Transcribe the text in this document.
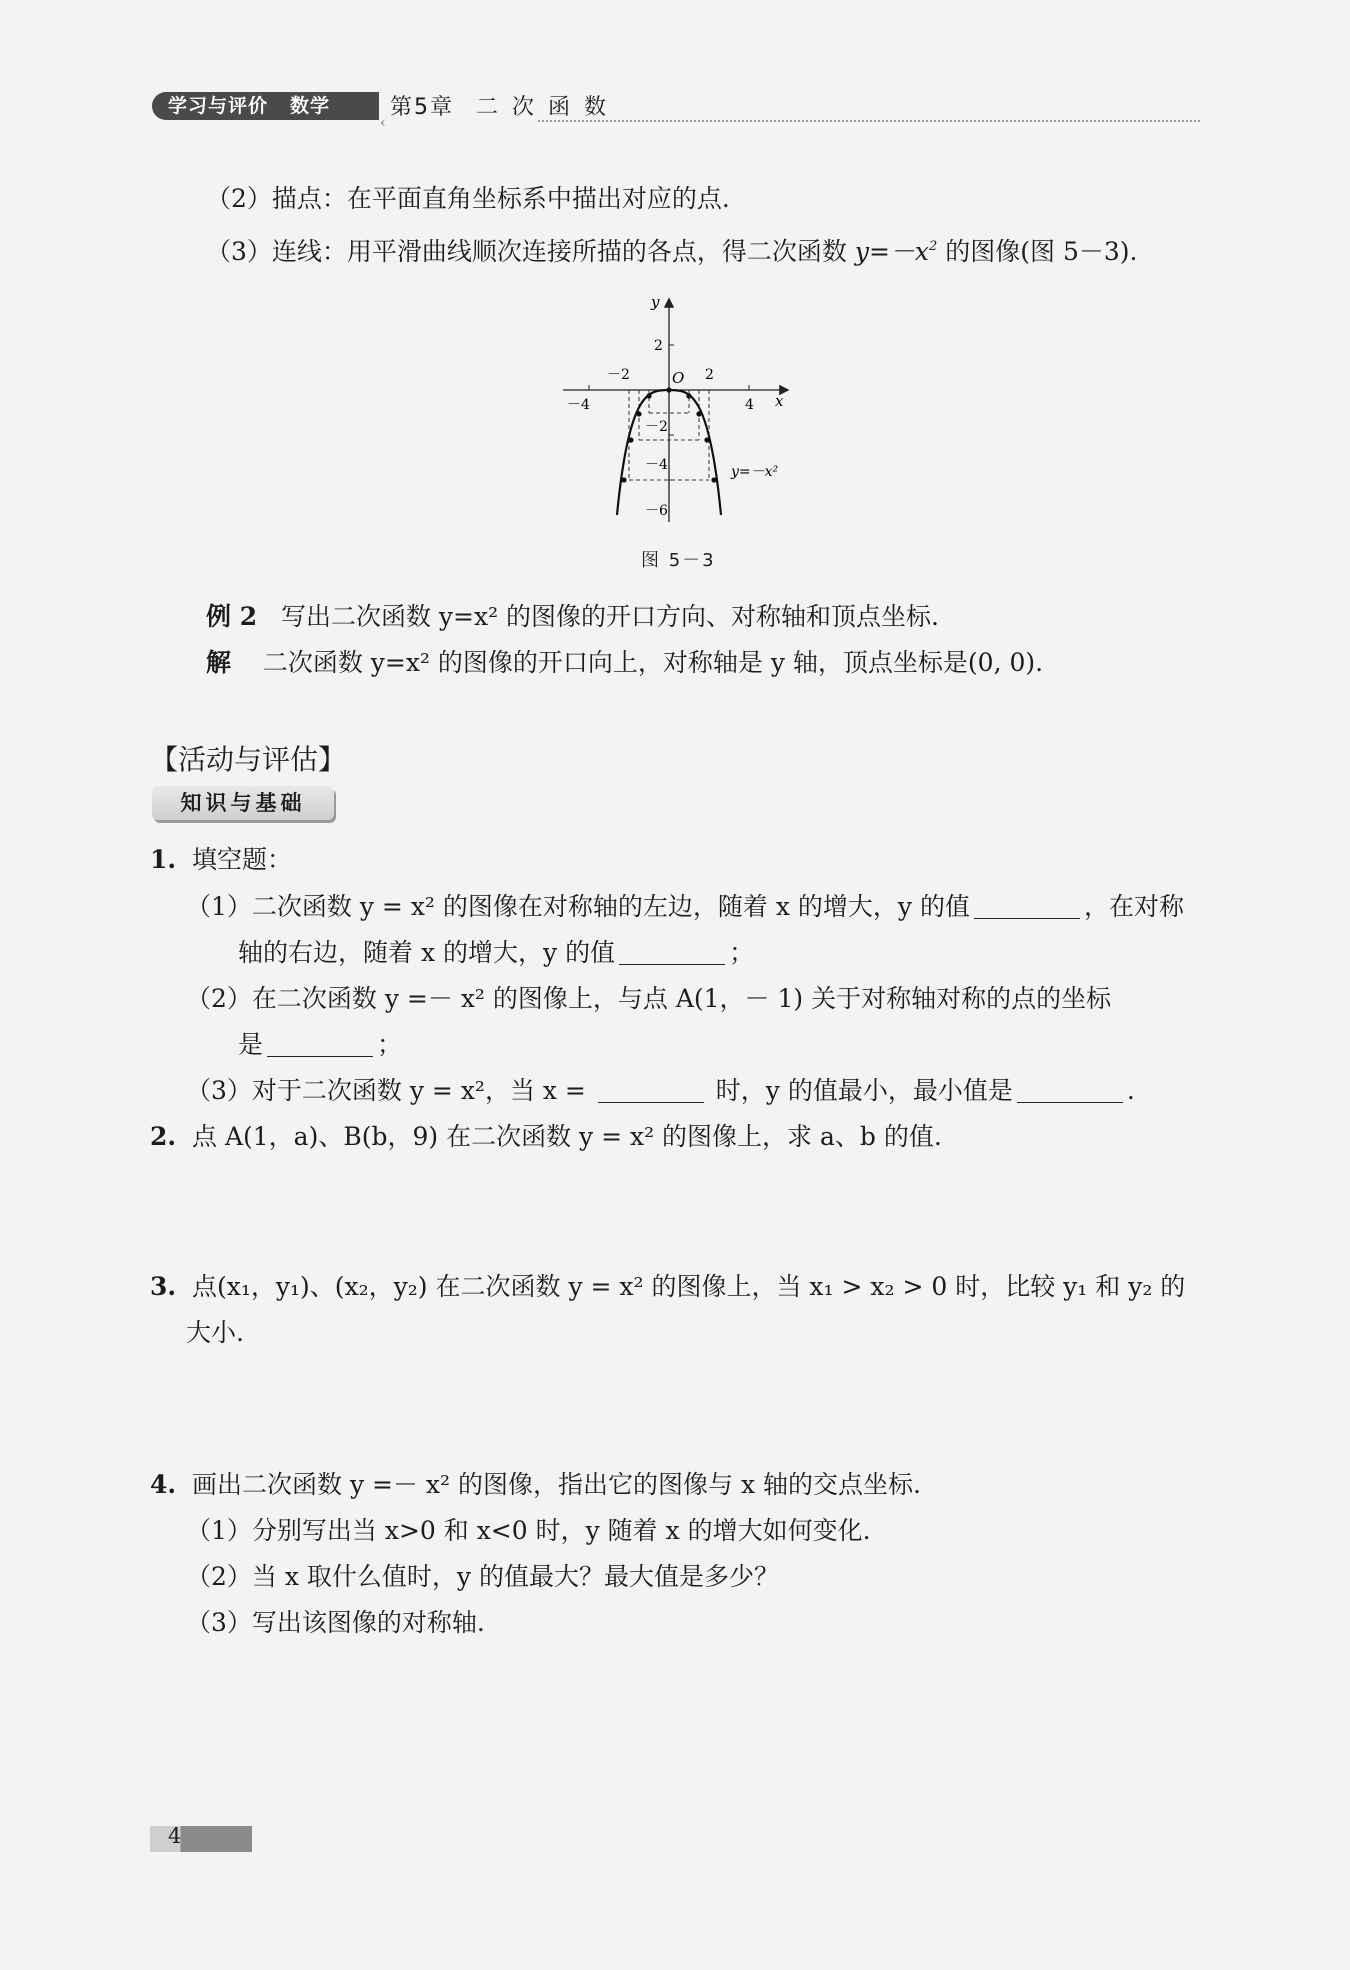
学习与评价 数学
‹
第5章 二次函数
（2）描点：在平面直角坐标系中描出对应的点.
（3）连线：用平滑曲线顺次连接所描的各点，得二次函数 $y=-x^2$ 的图像(图 5－3).
y
x
O
－4
－2	2
4
2
－2
－4
－6
y=－x²
图 5－3
例 2 写出二次函数 y=x² 的图像的开口方向、对称轴和顶点坐标.
解 二次函数 y=x² 的图像的开口向上，对称轴是 y 轴，顶点坐标是(0, 0).
【活动与评估】
知识与基础
1. 填空题：
（1）二次函数 y = x² 的图像在对称轴的左边，随着 x 的增大，y 的值	，在对称
轴的右边，随着 x 的增大，y 的值	；
（2）在二次函数 y =－ x² 的图像上，与点 A(1，－ 1) 关于对称轴对称的点的坐标
是	；
（3）对于二次函数 y = x²，当 x =	时，y 的值最小，最小值是	.
2. 点 A(1，a)、B(b，9) 在二次函数 y = x² 的图像上，求 a、b 的值.
3. 点(x₁，y₁)、(x₂，y₂) 在二次函数 y = x² 的图像上，当 x₁ > x₂ > 0 时，比较 y₁ 和 y₂ 的
大小.
4. 画出二次函数 y =－ x² 的图像，指出它的图像与 x 轴的交点坐标.
（1）分别写出当 x>0 和 x<0 时，y 随着 x 的增大如何变化.
（2）当 x 取什么值时，y 的值最大？最大值是多少？
（3）写出该图像的对称轴.
4
